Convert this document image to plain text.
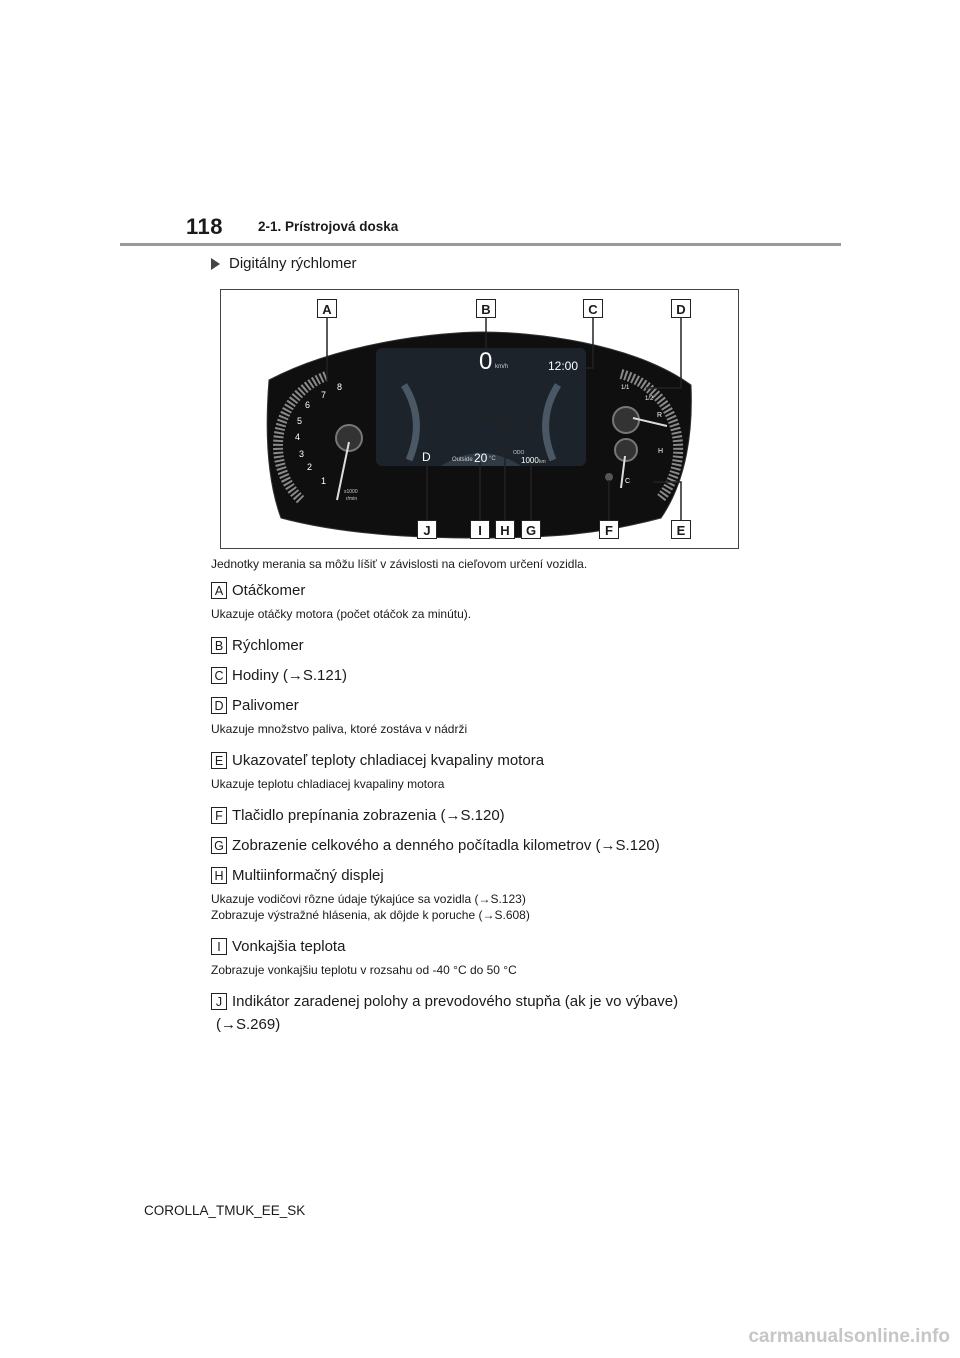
118	2-1. Prístrojová doska
Digitálny rýchlomer
0 km/h	12:00
D	Outside 20 °C
ODO
1000 km
1
2
3
4
5
6
7
8
x1000
r/min
1/1
1/2
R
H
C
A	B	C	D
J	I	H	G	F	E
Jednotky merania sa môžu líšiť v závislosti na cieľovom určení vozidla.
A Otáčkomer
Ukazuje otáčky motora (počet otáčok za minútu).
B Rýchlomer
C Hodiny (→S.121)
D Palivomer
Ukazuje množstvo paliva, ktoré zostáva v nádrži
E Ukazovateľ teploty chladiacej kvapaliny motora
Ukazuje teplotu chladiacej kvapaliny motora
F Tlačidlo prepínania zobrazenia (→S.120)
G Zobrazenie celkového a denného počítadla kilometrov (→S.120)
H Multiinformačný displej
Ukazuje vodičovi rôzne údaje týkajúce sa vozidla (→S.123)
Zobrazuje výstražné hlásenia, ak dôjde k poruche (→S.608)
I Vonkajšia teplota
Zobrazuje vonkajšiu teplotu v rozsahu od -40 °C do 50 °C
J Indikátor zaradenej polohy a prevodového stupňa (ak je vo výbave)
(→S.269)
COROLLA_TMUK_EE_SK
carmanualsonline.info
